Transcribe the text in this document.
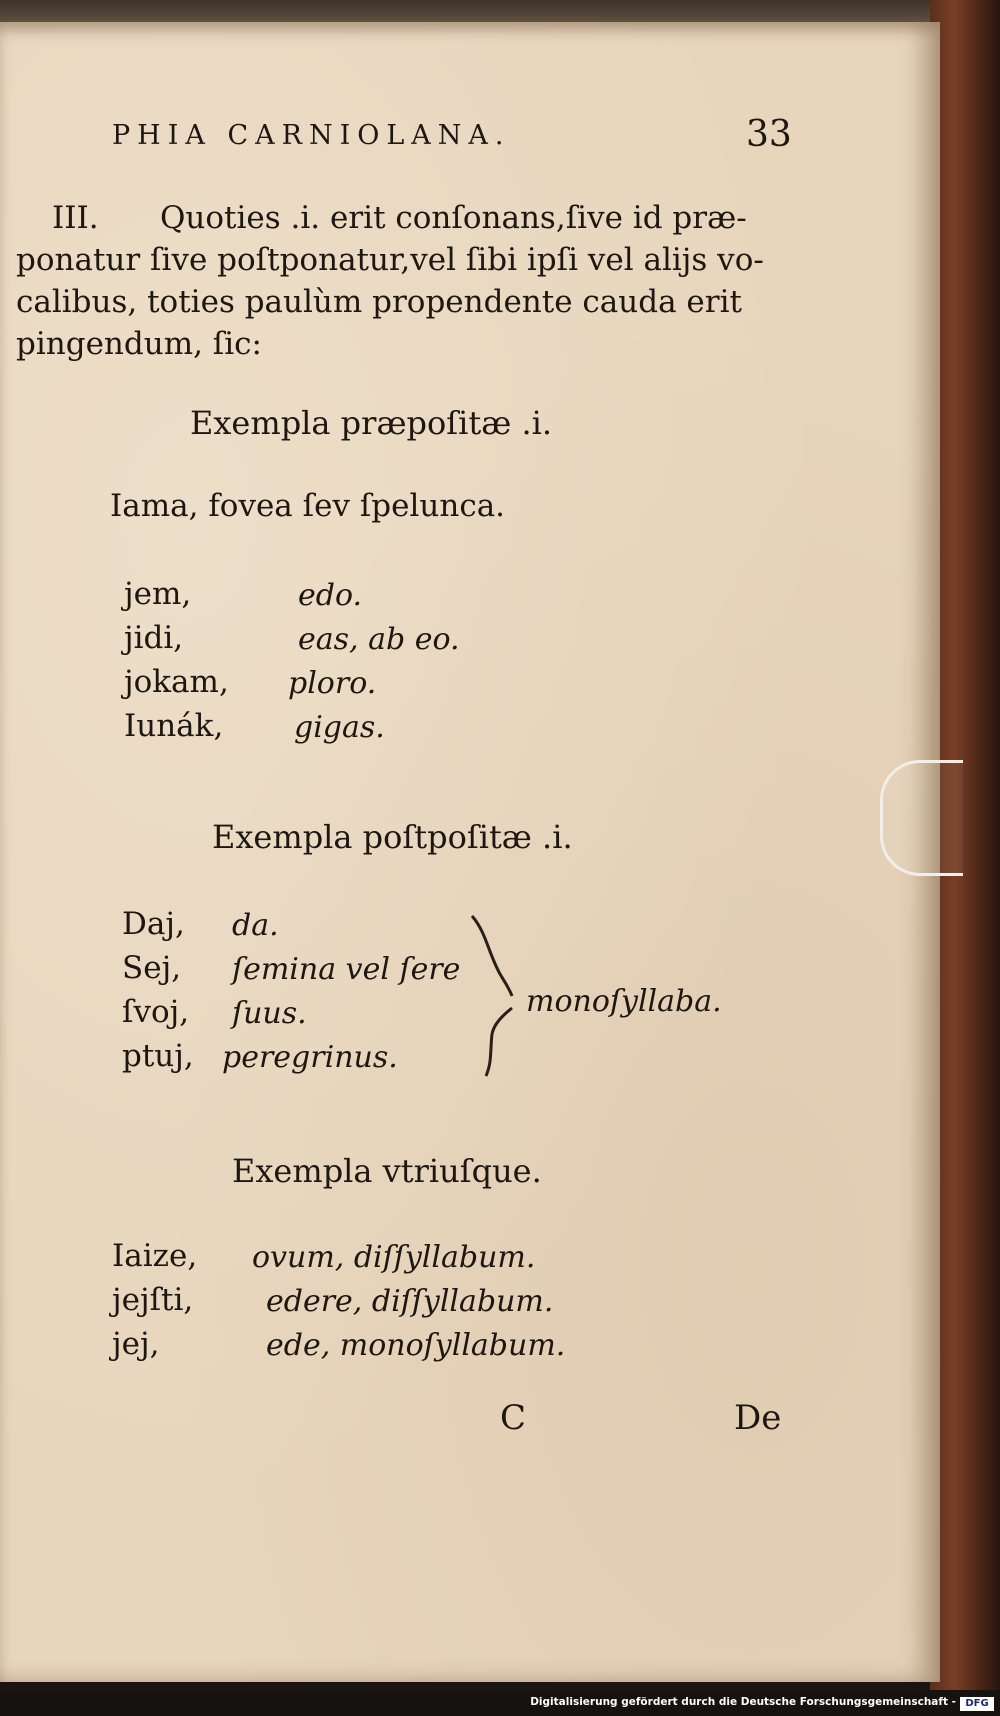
PHIA CARNIOLANA.	33
III. Quoties .i. erit conſonans,ſive id præ-
ponatur ſive poſtponatur,vel ſibi ipſi vel alijs vo-
calibus, toties paulùm propendente cauda erit
pingendum, ſic:
Exempla præpoſitæ .i.
Iama, fovea ſev ſpelunca.
jem,	edo.
jidi,	eas, ab eo.
jokam, ploro.
Iunák, gigas.
Exempla poſtpoſitæ .i.
Daj, da.
Sej, ſemina vel ſere
ſvoj, ſuus.
ptuj, peregrinus.
monoſyllaba.
Exempla vtriuſque.
Iaize, ovum, diſſyllabum.
jejſti, edere, diſſyllabum.
jej,	ede, monoſyllabum.
C	De
Digitalisierung gefördert durch die Deutsche Forschungsgemeinschaft - DFG
